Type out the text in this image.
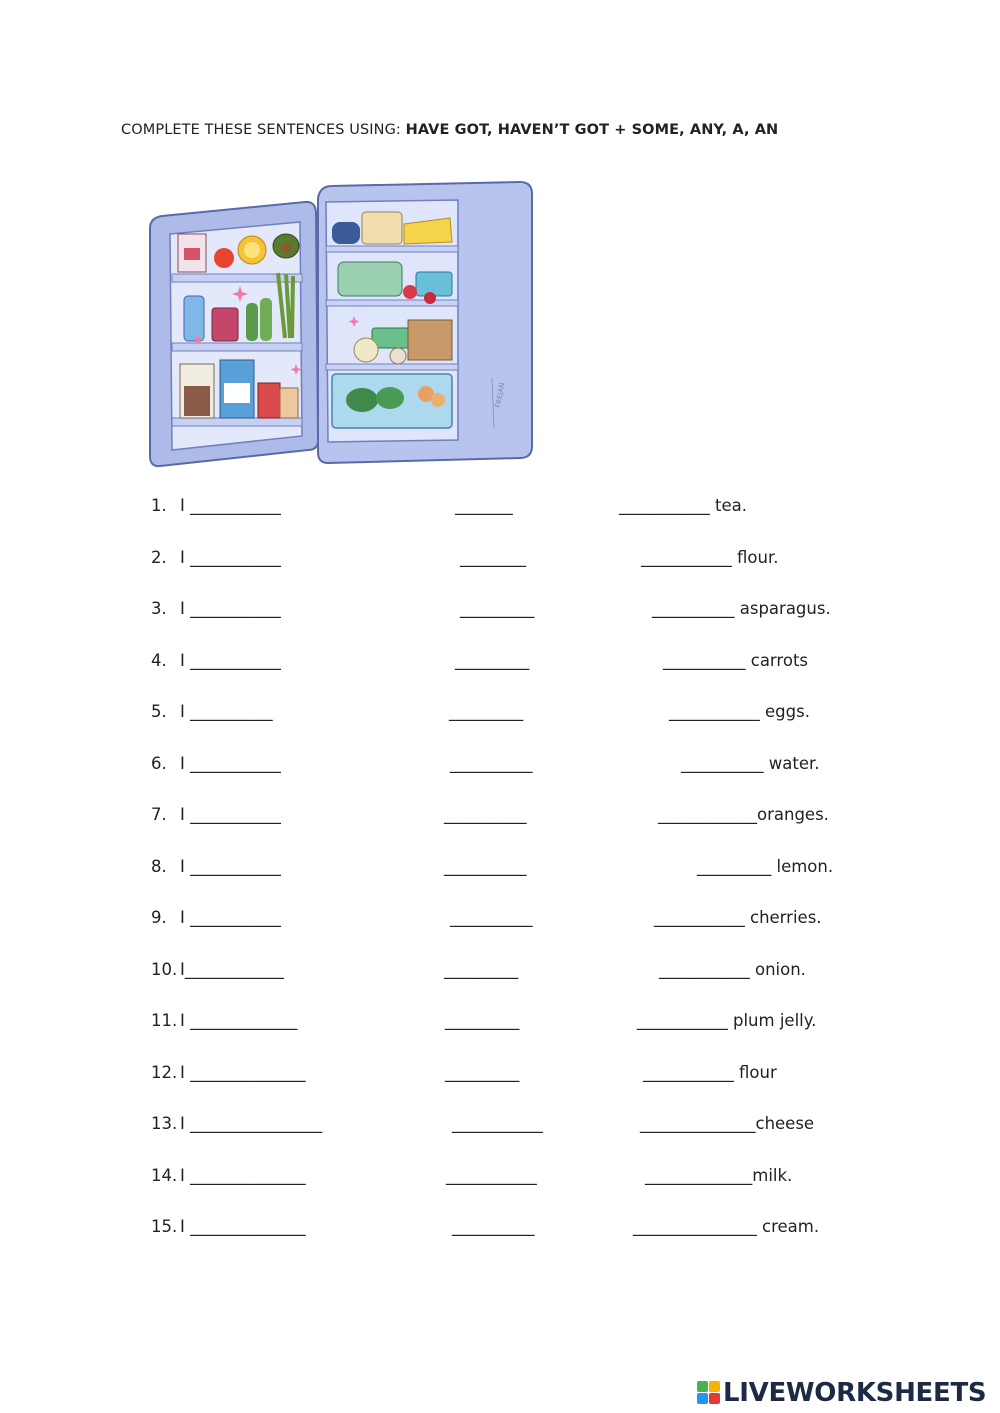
COMPLETE THESE SENTENCES USING: HAVE GOT, HAVEN’T GOT + SOME, ANY, A, AN
FREJAN
1. I ___________	_______	___________ tea.
2. I ___________	________	___________ flour.
3. I ___________	_________	__________ asparagus.
4. I ___________	_________	__________ carrots
5. I __________	_________	___________ eggs.
6. I ___________	__________	__________ water.
7. I ___________	__________	____________oranges.
8. I ___________	__________	_________ lemon.
9. I ___________	__________	___________ cherries.
10. I____________	_________	___________ onion.
11. I _____________	_________	___________ plum jelly.
12. I ______________	_________	___________ flour
13. I ________________	___________	______________cheese
14. I ______________	___________	_____________milk.
15. I ______________	__________	_______________ cream.
LIVEWORKSHEETS
